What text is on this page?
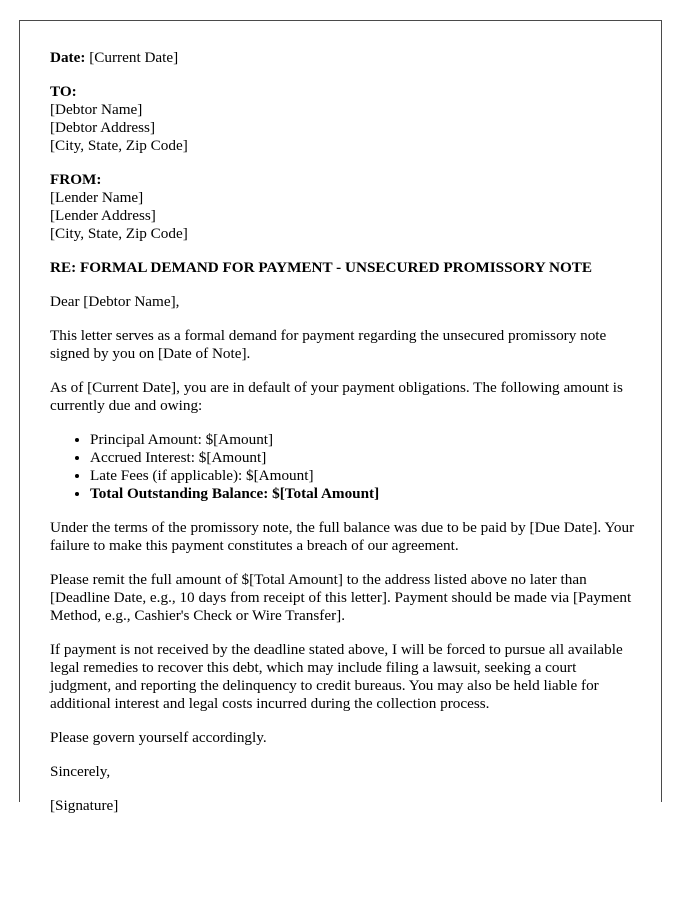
Date: [Current Date]
TO:
[Debtor Name]
[Debtor Address]
[City, State, Zip Code]
FROM:
[Lender Name]
[Lender Address]
[City, State, Zip Code]

RE: FORMAL DEMAND FOR PAYMENT - UNSECURED PROMISSORY NOTE

Dear [Debtor Name],

This letter serves as a formal demand for payment regarding the unsecured promissory note signed by you on [Date of Note].

As of [Current Date], you are in default of your payment obligations. The following amount is currently due and owing:

• Principal Amount: $[Amount]
• Accrued Interest: $[Amount]
• Late Fees (if applicable): $[Amount]
• Total Outstanding Balance: $[Total Amount]

Under the terms of the promissory note, the full balance was due to be paid by [Due Date]. Your failure to make this payment constitutes a breach of our agreement.

Please remit the full amount of $[Total Amount] to the address listed above no later than [Deadline Date, e.g., 10 days from receipt of this letter]. Payment should be made via [Payment Method, e.g., Cashier's Check or Wire Transfer].

If payment is not received by the deadline stated above, I will be forced to pursue all available legal remedies to recover this debt, which may include filing a lawsuit, seeking a court judgment, and reporting the delinquency to credit bureaus. You may also be held liable for additional interest and legal costs incurred during the collection process.

Please govern yourself accordingly.

Sincerely,

[Signature]
